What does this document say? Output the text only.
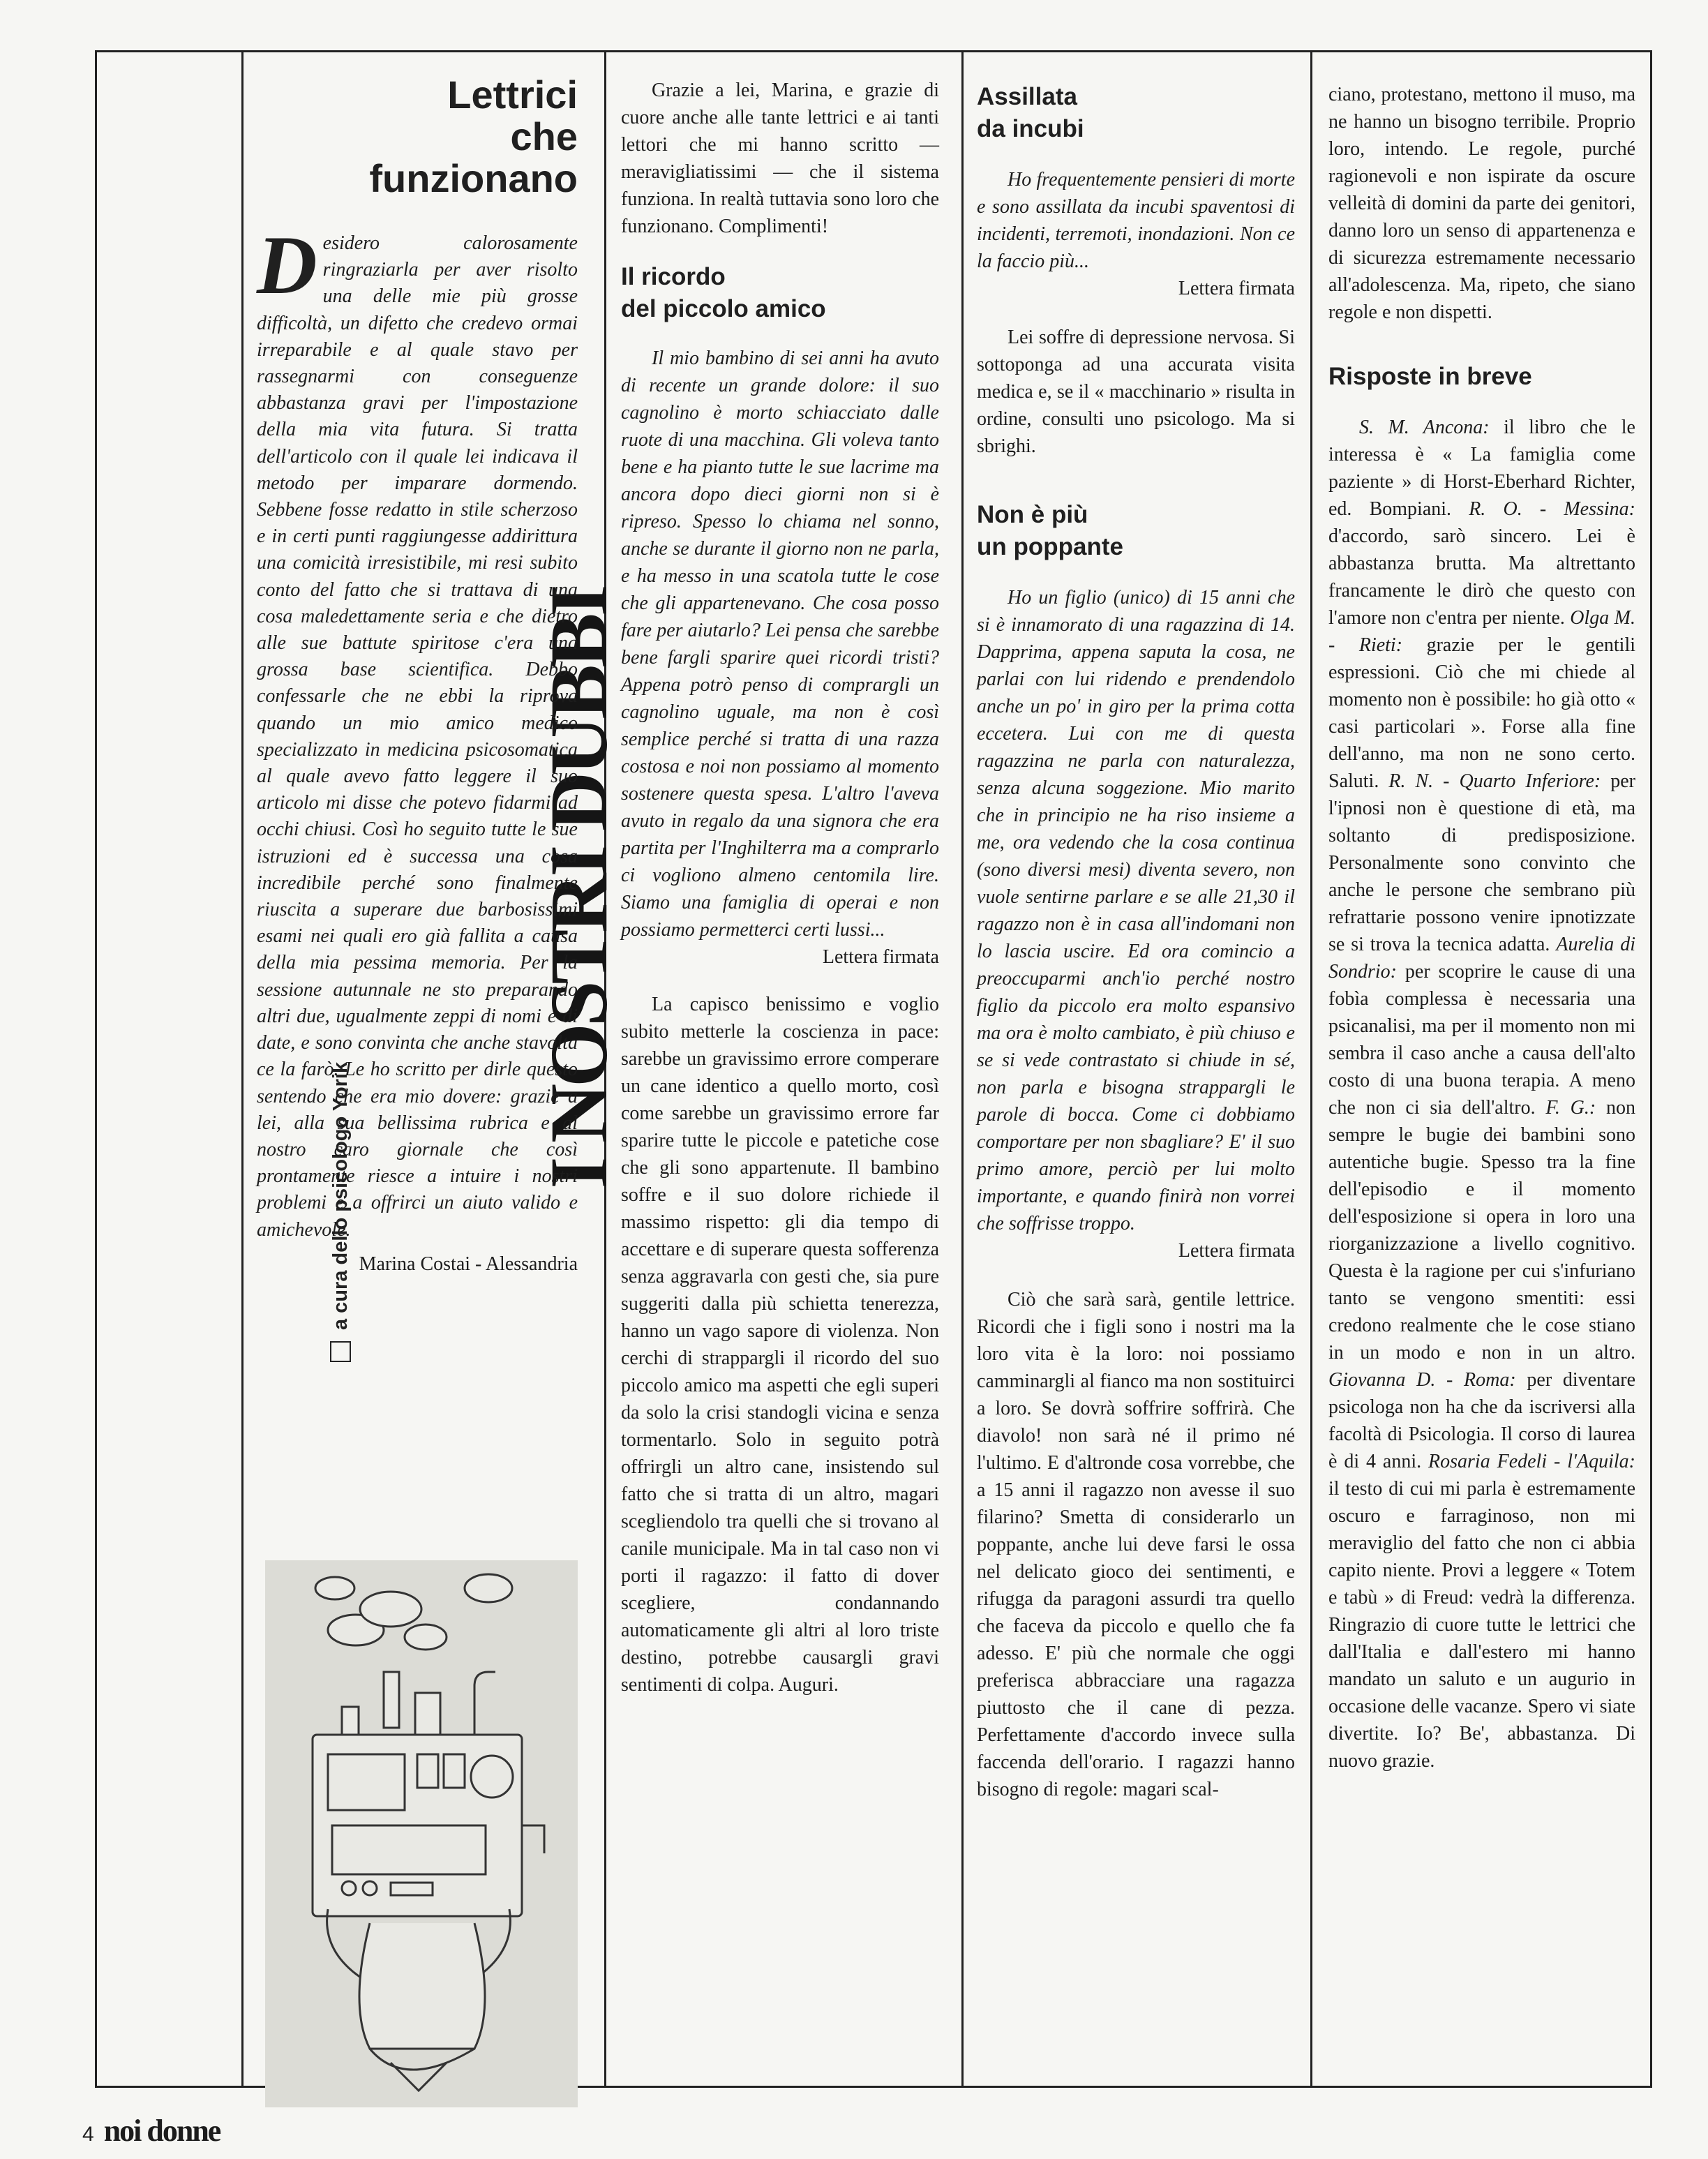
I NOSTRI DUBBI
a cura dello psicologo Yorik
Lettrici
che
funzionano

Desidero calorosamente ringraziarla per aver risolto una delle mie più grosse difficoltà, un difetto che credevo ormai irreparabile e al quale stavo per rassegnarmi con conseguenze abbastanza gravi per l'impostazione della mia vita futura. Si tratta dell'articolo con il quale lei indicava il metodo per imparare dormendo. Sebbene fosse redatto in stile scherzoso e in certi punti raggiungesse addirittura una comicità irresistibile, mi resi subito conto del fatto che si trattava di una cosa maledettamente seria e che dietro alle sue battute spiritose c'era una grossa base scientifica. Debbo confessarle che ne ebbi la riprova quando un mio amico medico specializzato in medicina psicosomatica al quale avevo fatto leggere il suo articolo mi disse che potevo fidarmi ad occhi chiusi. Così ho seguito tutte le sue istruzioni ed è successa una cosa incredibile perché sono finalmente riuscita a superare due barbosissimi esami nei quali ero già fallita a causa della mia pessima memoria. Per la sessione autunnale ne sto preparando altri due, ugualmente zeppi di nomi e di date, e sono convinta che anche stavolta ce la farò. Le ho scritto per dirle questo sentendo che era mio dovere: grazie a lei, alla sua bellissima rubrica e al nostro caro giornale che così prontamente riesce a intuire i nostri problemi e a offrirci un aiuto valido e amichevole.

Marina Costai - Alessandria

Grazie a lei, Marina, e grazie di cuore anche alle tante lettrici e ai tanti lettori che mi hanno scritto — meravigliatissimi — che il sistema funziona. In realtà tuttavia sono loro che funzionano. Complimenti!

Il ricordo
del piccolo amico

Il mio bambino di sei anni ha avuto di recente un grande dolore: il suo cagnolino è morto schiacciato dalle ruote di una macchina. Gli voleva tanto bene e ha pianto tutte le sue lacrime ma ancora dopo dieci giorni non si è ripreso. Spesso lo chiama nel sonno, anche se durante il giorno non ne parla, e ha messo in una scatola tutte le cose che gli appartenevano. Che cosa posso fare per aiutarlo? Lei pensa che sarebbe bene fargli sparire quei ricordi tristi? Appena potrò penso di comprargli un cagnolino uguale, ma non è così semplice perché si tratta di una razza costosa e noi non possiamo al momento sostenere questa spesa. L'altro l'aveva avuto in regalo da una signora che era partita per l'Inghilterra ma a comprarlo ci vogliono almeno centomila lire. Siamo una famiglia di operai e non possiamo permetterci certi lussi...

Lettera firmata

La capisco benissimo e voglio subito metterle la coscienza in pace: sarebbe un gravissimo errore comperare un cane identico a quello morto, così come sarebbe un gravissimo errore far sparire tutte le piccole e patetiche cose che gli sono appartenute. Il bambino soffre e il suo dolore richiede il massimo rispetto: gli dia tempo di accettare e di superare questa sofferenza senza aggravarla con gesti che, sia pure suggeriti dalla più schietta tenerezza, hanno un vago sapore di violenza. Non cerchi di strappargli il ricordo del suo piccolo amico ma aspetti che egli superi da solo la crisi standogli vicina e senza tormentarlo. Solo in seguito potrà offrirgli un altro cane, insistendo sul fatto che si tratta di un altro, magari scegliendolo tra quelli che si trovano al canile municipale. Ma in tal caso non vi porti il ragazzo: il fatto di dover scegliere, condannando automaticamente gli altri al loro triste destino, potrebbe causargli gravi sentimenti di colpa. Auguri.

Assillata
da incubi

Ho frequentemente pensieri di morte e sono assillata da incubi spaventosi di incidenti, terremoti, inondazioni. Non ce la faccio più...

Lettera firmata

Lei soffre di depressione nervosa. Si sottoponga ad una accurata visita medica e, se il « macchinario » risulta in ordine, consulti uno psicologo. Ma si sbrighi.

Non è più
un poppante

Ho un figlio (unico) di 15 anni che si è innamorato di una ragazzina di 14. Dapprima, appena saputa la cosa, ne parlai con lui ridendo e prendendolo anche un po' in giro per la prima cotta eccetera. Lui con me di questa ragazzina ne parla con naturalezza, senza alcuna soggezione. Mio marito che in principio ne ha riso insieme a me, ora vedendo che la cosa continua (sono diversi mesi) diventa severo, non vuole sentirne parlare e se alle 21,30 il ragazzo non è in casa all'indomani non lo lascia uscire. Ed ora comincio a preoccuparmi anch'io perché nostro figlio da piccolo era molto espansivo ma ora è molto cambiato, è più chiuso e se si vede contrastato si chiude in sé, non parla e bisogna strappargli le parole di bocca. Come ci dobbiamo comportare per non sbagliare? E' il suo primo amore, perciò per lui molto importante, e quando finirà non vorrei che soffrisse troppo.

Lettera firmata

Ciò che sarà sarà, gentile lettrice. Ricordi che i figli sono i nostri ma la loro vita è la loro: noi possiamo camminargli al fianco ma non sostituirci a loro. Se dovrà soffrire soffrirà. Che diavolo! non sarà né il primo né l'ultimo. E d'altronde cosa vorrebbe, che a 15 anni il ragazzo non avesse il suo filarino? Smetta di considerarlo un poppante, anche lui deve farsi le ossa nel delicato gioco dei sentimenti, e rifugga da paragoni assurdi tra quello che faceva da piccolo e quello che fa adesso. E' più che normale che oggi preferisca abbracciare una ragazza piuttosto che il cane di pezza. Perfettamente d'accordo invece sulla faccenda dell'orario. I ragazzi hanno bisogno di regole: magari scal-

ciano, protestano, mettono il muso, ma ne hanno un bisogno terribile. Proprio loro, intendo. Le regole, purché ragionevoli e non ispirate da oscure velleità di domini da parte dei genitori, danno loro un senso di appartenenza e di sicurezza estremamente necessario all'adolescenza. Ma, ripeto, che siano regole e non dispetti.

Risposte in breve

S. M. Ancona: il libro che le interessa è « La famiglia come paziente » di Horst-Eberhard Richter, ed. Bompiani. R. O. - Messina: d'accordo, sarò sincero. Lei è abbastanza brutta. Ma altrettanto francamente le dirò che questo con l'amore non c'entra per niente. Olga M. - Rieti: grazie per le gentili espressioni. Ciò che mi chiede al momento non è possibile: ho già otto « casi particolari ». Forse alla fine dell'anno, ma non ne sono certo. Saluti. R. N. - Quarto Inferiore: per l'ipnosi non è questione di età, ma soltanto di predisposizione. Personalmente sono convinto che anche le persone che sembrano più refrattarie possono venire ipnotizzate se si trova la tecnica adatta. Aurelia di Sondrio: per scoprire le cause di una fobìa complessa è necessaria una psicanalisi, ma per il momento non mi sembra il caso anche a causa dell'alto costo di una buona terapia. A meno che non ci sia dell'altro. F. G.: non sempre le bugie dei bambini sono autentiche bugie. Spesso tra la fine dell'episodio e il momento dell'esposizione si opera in loro una riorganizzazione a livello cognitivo. Questa è la ragione per cui s'infuriano tanto se vengono smentiti: essi credono realmente che le cose stiano in un modo e non in un altro. Giovanna D. - Roma: per diventare psicologa non ha che da iscriversi alla facoltà di Psicologia. Il corso di laurea è di 4 anni. Rosaria Fedeli - l'Aquila: il testo di cui mi parla è estremamente oscuro e farraginoso, non mi meraviglio del fatto che non ci abbia capito niente. Provi a leggere « Totem e tabù » di Freud: vedrà la differenza. Ringrazio di cuore tutte le lettrici che dall'Italia e dall'estero mi hanno mandato un saluto e un augurio in occasione delle vacanze. Spero vi siate divertite. Io? Be', abbastanza. Di nuovo grazie.

4 noi donne
